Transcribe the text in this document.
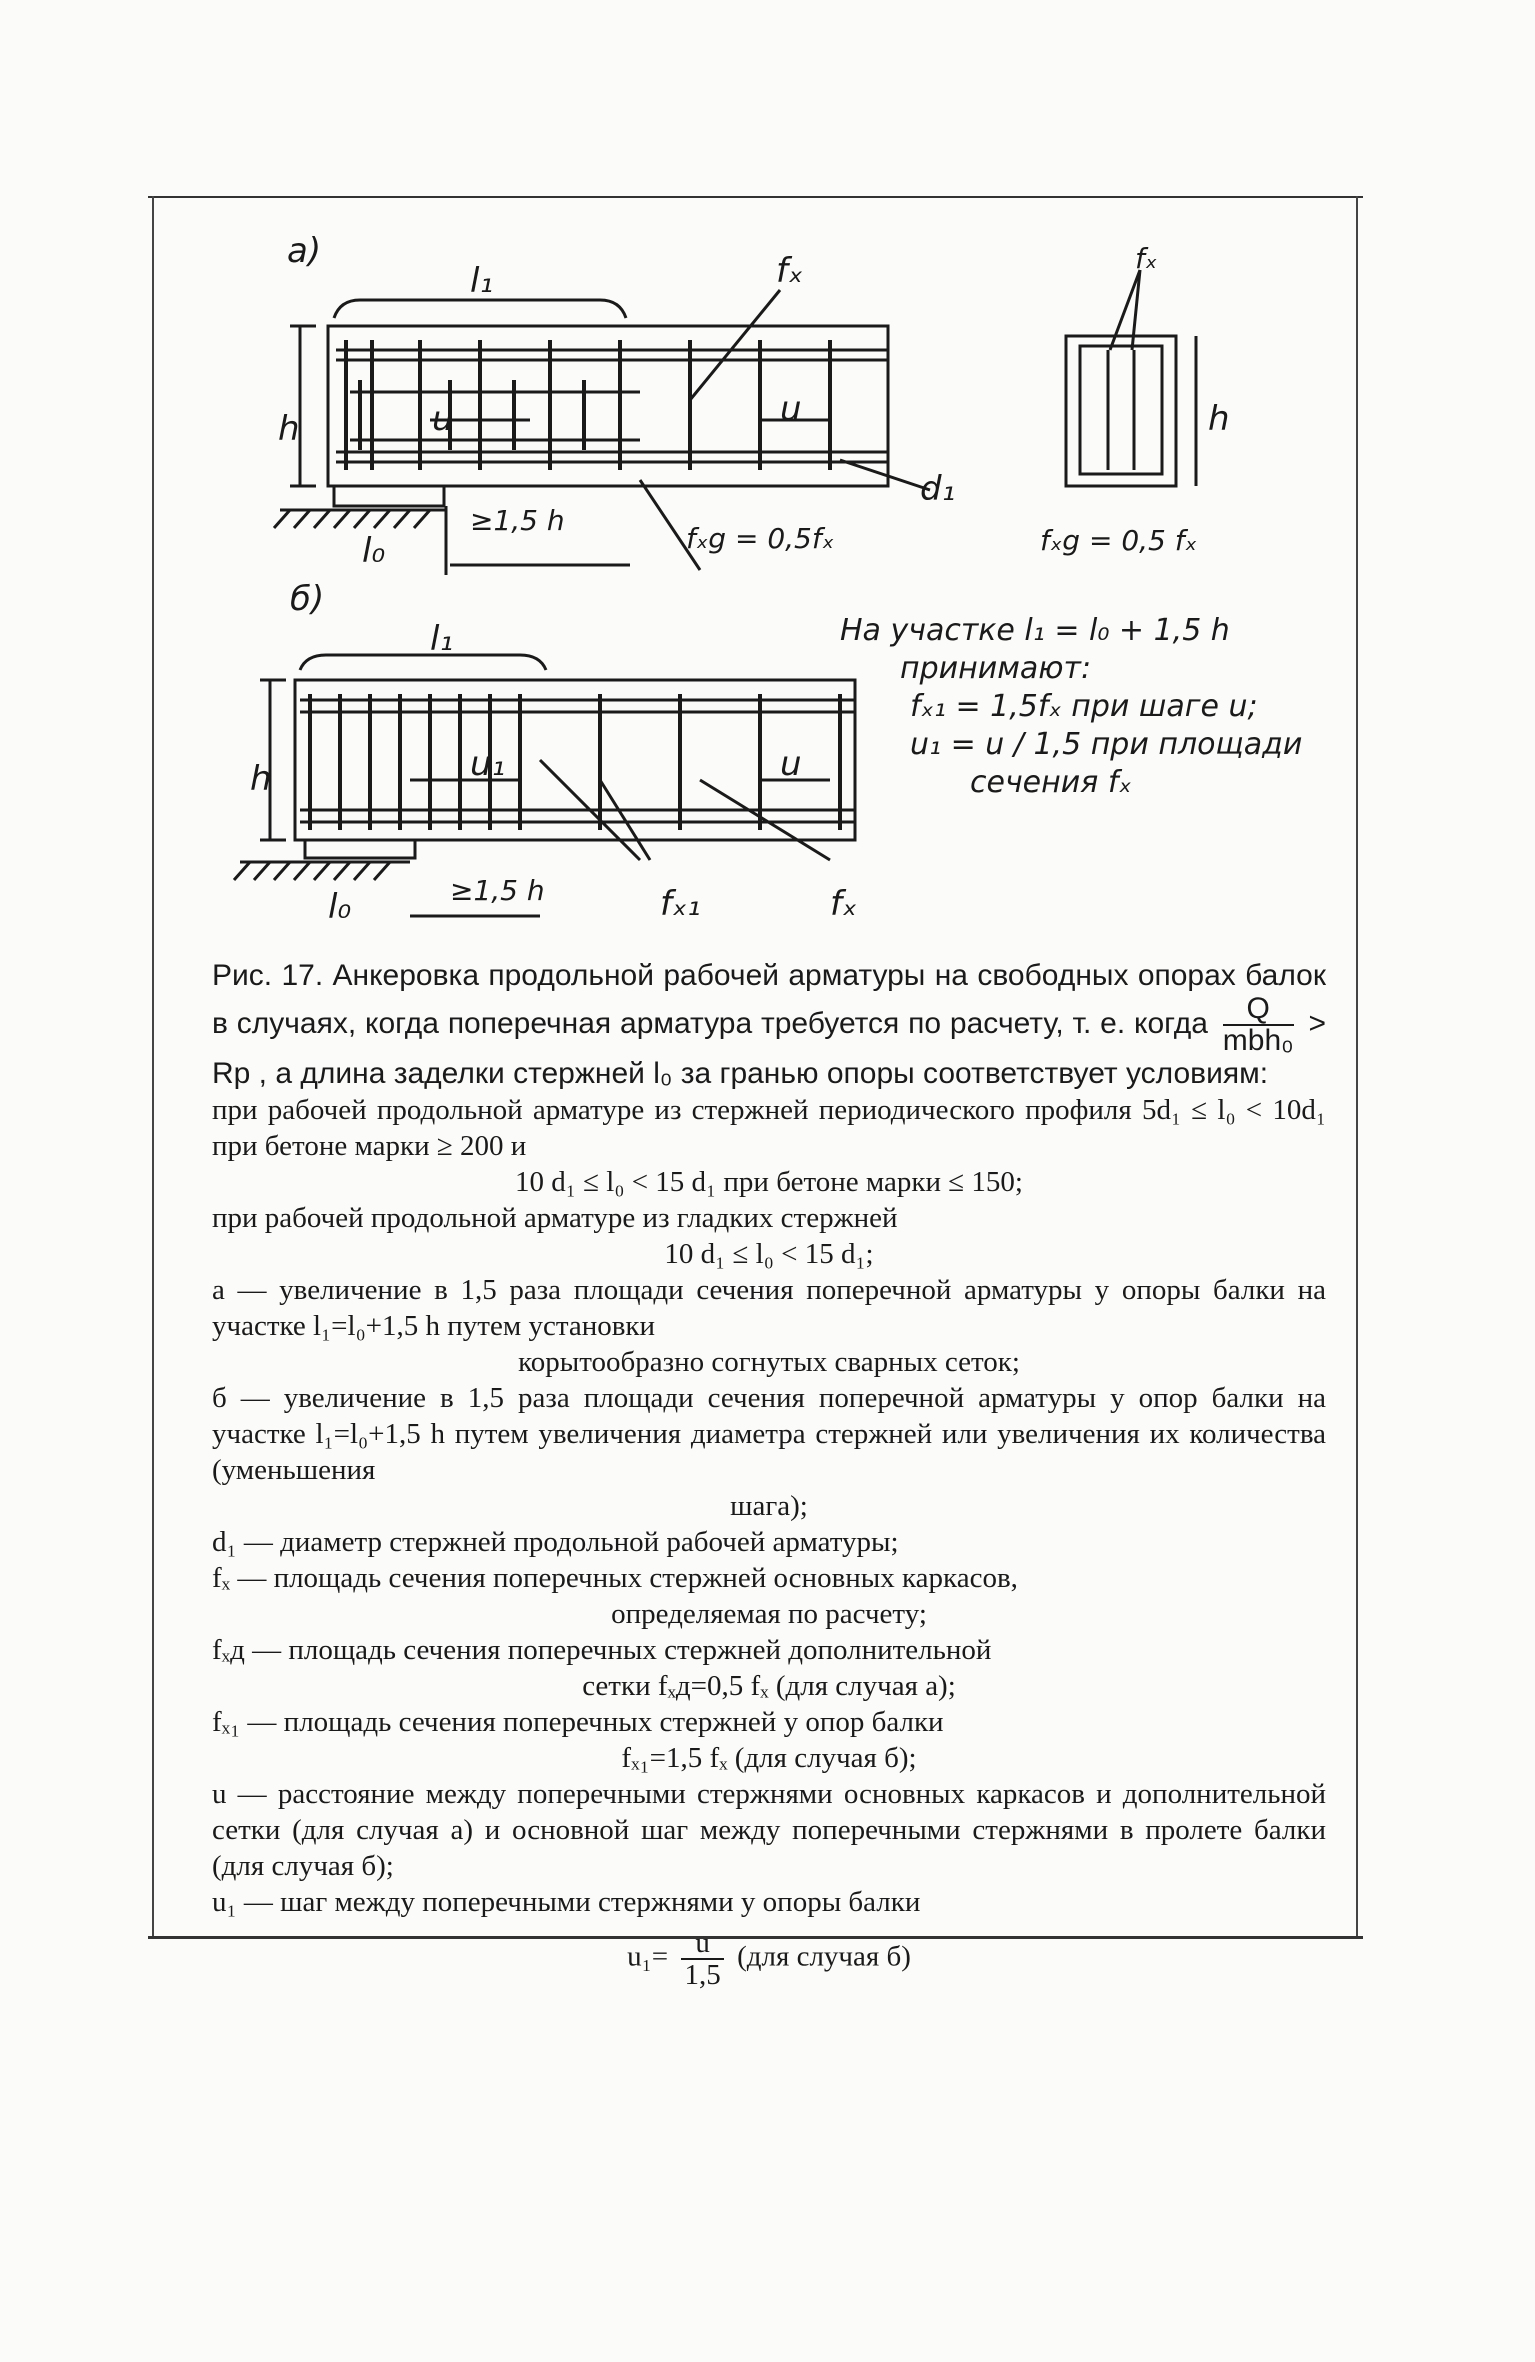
а)
б)
l₁	fₓ
h	u	u
l₀
≥1,5 h
fₓg = 0,5fₓ
d₁
fₓ
h
fₓg = 0,5 fₓ
l₁
h	u₁	u
l₀	≥1,5 h	fₓ₁	fₓ
На участке l₁ = l₀ + 1,5 h
принимают:
fₓ₁ = 1,5fₓ при шаге u;
u₁ = u / 1,5 при площади
сечения fₓ

Рис. 17. Анкеровка продольной рабочей арматуры на свободных опорах балок в случаях, когда поперечная арматура требуется по расчету, т. е. когда $\frac{Q}{\text{mbh₀}}$ > Rр , а длина заделки стержней l₀ за гранью опоры соответствует условиям:

при рабочей продольной арматуре из стержней периодического профиля 5d₁ ≤ l₀ < 10d₁ при бетоне марки ≥ 200 и

10 d₁ ≤ l₀ < 15 d₁ при бетоне марки ≤ 150;

при рабочей продольной арматуре из гладких стержней

10 d₁ ≤ l₀ < 15 d₁;

а — увеличение в 1,5 раза площади сечения поперечной арматуры у опоры балки на участке l₁=l₀+1,5 h путем установки

корытообразно согнутых сварных сеток;

б — увеличение в 1,5 раза площади сечения поперечной арматуры у опор балки на участке l₁=l₀+1,5 h путем увеличения диаметра стержней или увеличения их количества (уменьшения

шага);

d₁ — диаметр стержней продольной рабочей арматуры;

fₓ — площадь сечения поперечных стержней основных каркасов,

определяемая по расчету;

fₓд — площадь сечения поперечных стержней дополнительной

сетки fₓд=0,5 fₓ (для случая а);

fₓ₁ — площадь сечения поперечных стержней у опор балки

fₓ₁=1,5 fₓ (для случая б);

u — расстояние между поперечными стержнями основных каркасов и дополнительной сетки (для случая а) и основной шаг между поперечными стержнями в пролете балки (для случая б);

u₁ — шаг между поперечными стержнями у опоры балки

$u_1= \frac{u}{1,5} (для$ случая б)
